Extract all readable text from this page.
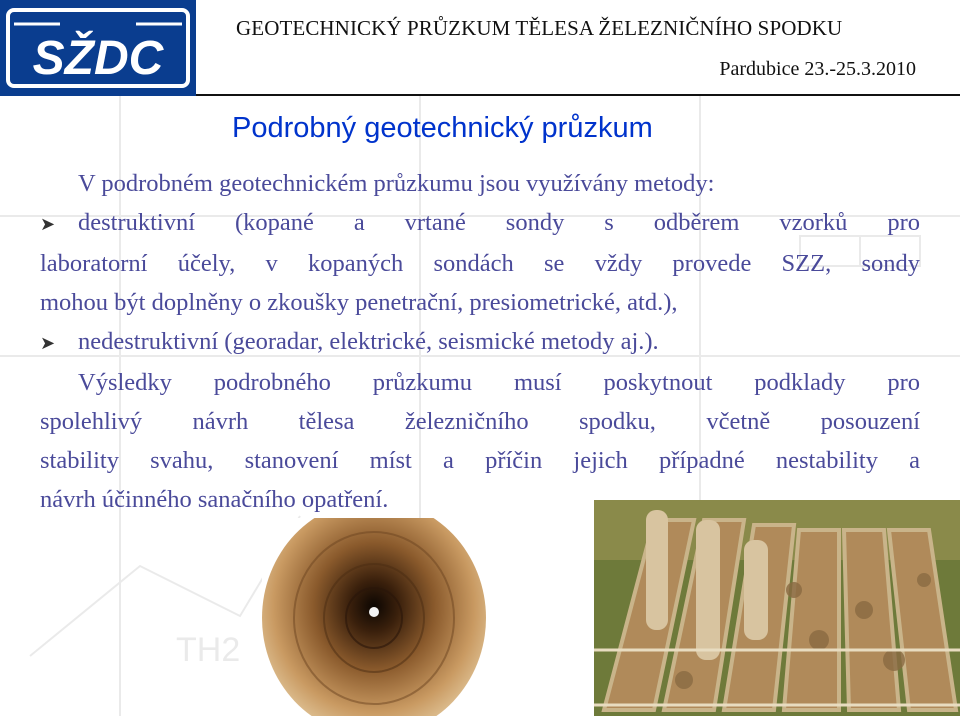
TH2
SŽDC
GEOTECHNICKÝ PRŮZKUM TĚLESA ŽELEZNIČNÍHO SPODKU
Pardubice 23.-25.3.2010
Podrobný geotechnický průzkum

V podrobném geotechnickém průzkumu jsou využívány metody:

➤ destruktivní (kopané a vrtané sondy s odběrem vzorků pro

laboratorní účely, v kopaných sondách se vždy provede SZZ, sondy

mohou být doplněny o zkoušky penetrační, presiometrické, atd.),

➤ nedestruktivní (georadar, elektrické, seismické metody aj.).

Výsledky podrobného průzkumu musí poskytnout podklady pro

spolehlivý návrh tělesa železničního spodku, včetně posouzení

stability svahu, stanovení míst a příčin jejich případné nestability a

návrh účinného sanačního opatření.
